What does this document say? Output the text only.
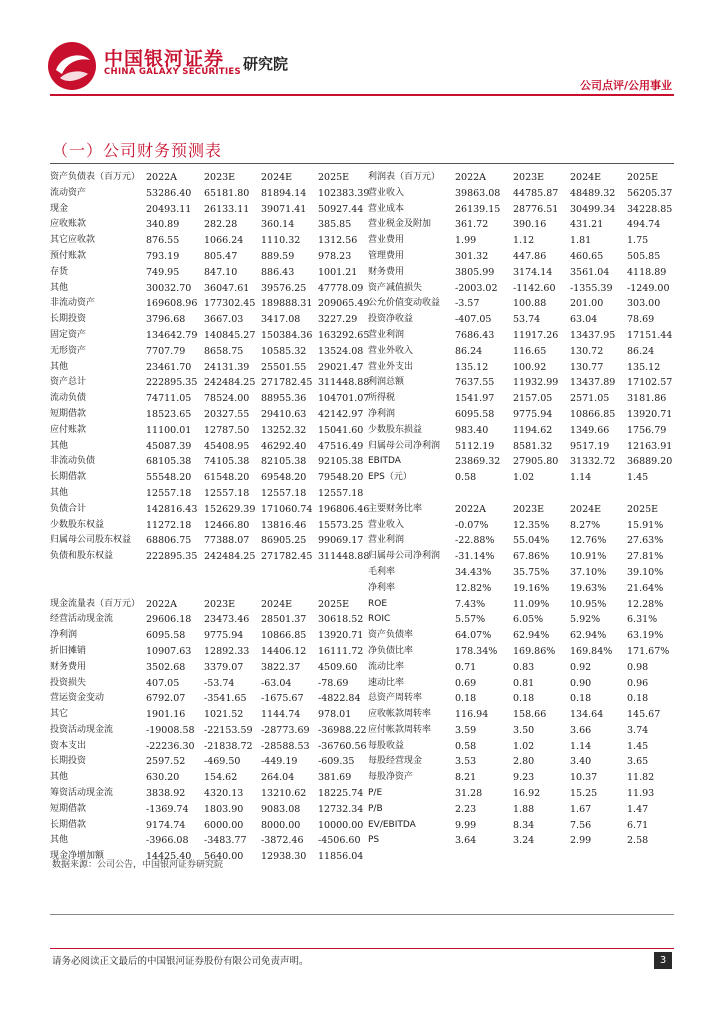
中国银河证券
CHINA GALAXY SECURITIES 研究院
公司点评/公用事业
（一）公司财务预测表
资产负债表（百万元） 2022A	2023E	2024E	2025E
流动资产	53286.40	65181.80	81894.14	102383.39
现金	20493.11	26133.11	39071.41	50927.44
应收账款	340.89	282.28	360.14	385.85
其它应收款	876.55	1066.24	1110.32	1312.56
预付账款	793.19	805.47	889.59	978.23
存货	749.95	847.10	886.43	1001.21
其他	30032.70	36047.61	39576.25	47778.09
非流动资产	169608.96 177302.45 189888.31 209065.49
长期投资	3796.68	3667.03	3417.08	3227.29
固定资产	134642.79 140845.27 150384.36 163292.65
无形资产	7707.79	8658.75	10585.32	13524.08
其他	23461.70	24131.39	25501.55	29021.47
资产总计	222895.35 242484.25 271782.45 311448.88
流动负债	74711.05	78524.00	88955.36	104701.07
短期借款	18523.65	20327.55	29410.63	42142.97
应付账款	11100.01	12787.50	13252.32	15041.60
其他	45087.39	45408.95	46292.40	47516.49
非流动负债	68105.38	74105.38	82105.38	92105.38
长期借款	55548.20	61548.20	69548.20	79548.20
其他	12557.18	12557.18	12557.18	12557.18
负债合计	142816.43 152629.39 171060.74 196806.46
少数股东权益	11272.18	12466.80	13816.46	15573.25
归属母公司股东权益	68806.75	77388.07	86905.25	99069.17
负债和股东权益	222895.35 242484.25 271782.45 311448.88
现金流量表（百万元） 2022A	2023E	2024E	2025E
经营活动现金流	29606.18	23473.46	28501.37	30618.52
净利润	6095.58	9775.94	10866.85	13920.71
折旧摊销	10907.63	12892.33	14406.12	16111.72
财务费用	3502.68	3379.07	3822.37	4509.60
投资损失	407.05	-53.74	-63.04	-78.69
营运资金变动	6792.07	-3541.65	-1675.67	-4822.84
其它	1901.16	1021.52	1144.74	978.01
投资活动现金流	-19008.58 -22153.59 -28773.69 -36988.22
资本支出	-22236.30 -21838.72 -28588.53 -36760.56
长期投资	2597.52	-469.50	-449.19	-609.35
其他	630.20	154.62	264.04	381.69
筹资活动现金流	3838.92	4320.13	13210.62	18225.74
短期借款	-1369.74	1803.90	9083.08	12732.34
长期借款	9174.74	6000.00	8000.00	10000.00
其他	-3966.08	-3483.77	-3872.46	-4506.60
现金净增加额	14425.40	5640.00	12938.30	11856.04
利润表（百万元）	2022A	2023E	2024E	2025E
营业收入	39863.08	44785.87	48489.32	56205.37
营业成本	26139.15	28776.51	30499.34	34228.85
营业税金及附加	361.72	390.16	431.21	494.74
营业费用	1.99	1.12	1.81	1.75
管理费用	301.32	447.86	460.65	505.85
财务费用	3805.99	3174.14	3561.04	4118.89
资产减值损失	-2003.02	-1142.60	-1355.39	-1249.00
公允价值变动收益	-3.57	100.88	201.00	303.00
投资净收益	-407.05	53.74	63.04	78.69
营业利润	7686.43	11917.26	13437.95	17151.44
营业外收入	86.24	116.65	130.72	86.24
营业外支出	135.12	100.92	130.77	135.12
利润总额	7637.55	11932.99	13437.89	17102.57
所得税	1541.97	2157.05	2571.05	3181.86
净利润	6095.58	9775.94	10866.85	13920.71
少数股东损益	983.40	1194.62	1349.66	1756.79
归属母公司净利润	5112.19	8581.32	9517.19	12163.91
EBITDA	23869.32	27905.80	31332.72	36889.20
EPS（元）	0.58	1.02	1.14	1.45
主要财务比率	2022A	2023E	2024E	2025E
营业收入	-0.07%	12.35%	8.27%	15.91%
营业利润	-22.88%	55.04%	12.76%	27.63%
归属母公司净利润	-31.14%	67.86%	10.91%	27.81%
毛利率	34.43%	35.75%	37.10%	39.10%
净利率	12.82%	19.16%	19.63%	21.64%
ROE	7.43%	11.09%	10.95%	12.28%
ROIC	5.57%	6.05%	5.92%	6.31%
资产负债率	64.07%	62.94%	62.94%	63.19%
净负债比率	178.34%	169.86%	169.84%	171.67%
流动比率	0.71	0.83	0.92	0.98
速动比率	0.69	0.81	0.90	0.96
总资产周转率	0.18	0.18	0.18	0.18
应收帐款周转率	116.94	158.66	134.64	145.67
应付帐款周转率	3.59	3.50	3.66	3.74
每股收益	0.58	1.02	1.14	1.45
每股经营现金	3.53	2.80	3.40	3.65
每股净资产	8.21	9.23	10.37	11.82
P/E	31.28	16.92	15.25	11.93
P/B	2.23	1.88	1.67	1.47
EV/EBITDA	9.99	8.34	7.56	6.71
PS	3.64	3.24	2.99	2.58
数据来源：公司公告，中国银河证券研究院
请务必阅读正文最后的中国银河证券股份有限公司免责声明。	3
